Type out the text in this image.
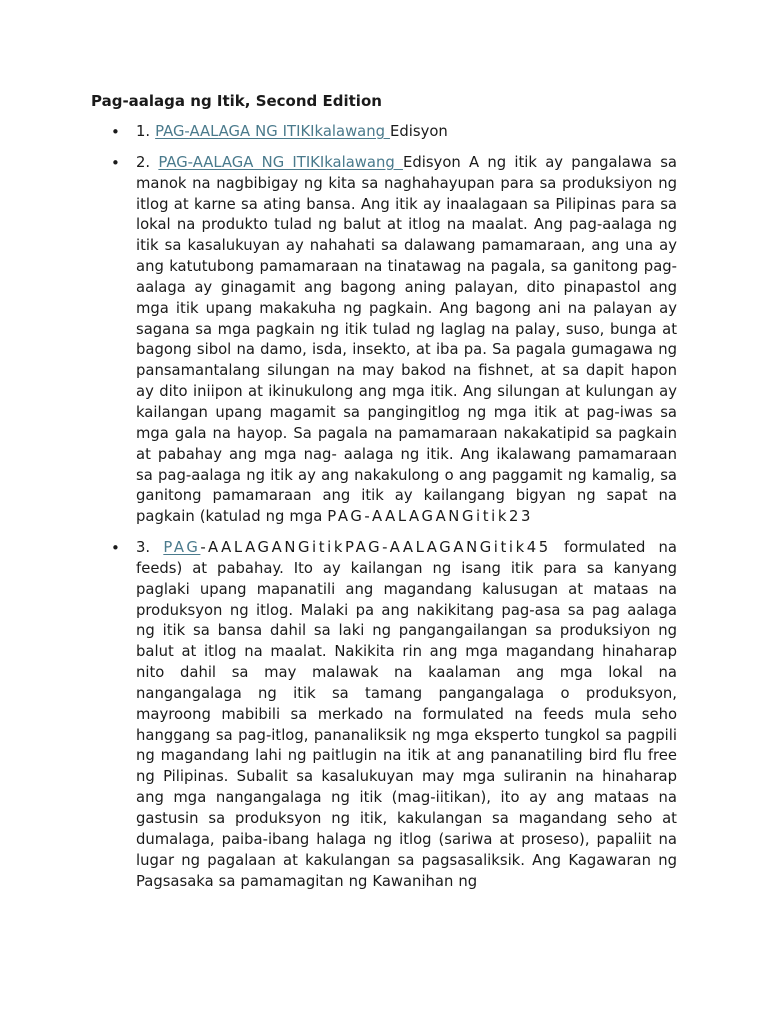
Pag-aalaga ng Itik, Second Edition
• 1. PAG-AALAGA NG ITIKIkalawang Edisyon
• 2. PAG-AALAGA NG ITIKIkalawang Edisyon A ng itik ay pangalawa sa manok na nagbibigay ng kita sa naghahayupan para sa produksiyon ng itlog at karne sa ating bansa. Ang itik ay inaalagaan sa Pilipinas para sa lokal na produkto tulad ng balut at itlog na maalat. Ang pag-aalaga ng itik sa kasalukuyan ay nahahati sa dalawang pamamaraan, ang una ay ang katutubong pamamaraan na tinatawag na pagala, sa ganitong pag-aalaga ay ginagamit ang bagong aning palayan, dito pinapastol ang mga itik upang makakuha ng pagkain. Ang bagong ani na palayan ay sagana sa mga pagkain ng itik tulad ng laglag na palay, suso, bunga at bagong sibol na damo, isda, insekto, at iba pa. Sa pagala gumagawa ng pansamantalang silungan na may bakod na fishnet, at sa dapit hapon ay dito iniipon at ikinukulong ang mga itik. Ang silungan at kulungan ay kailangan upang magamit sa pangingitlog ng mga itik at pag-iwas sa mga gala na hayop. Sa pagala na pamamaraan nakakatipid sa pagkain at pabahay ang mga nag- aalaga ng itik. Ang ikalawang pamamaraan sa pag-aalaga ng itik ay ang nakakulong o ang paggamit ng kamalig, sa ganitong pamamaraan ang itik ay kailangang bigyan ng sapat na pagkain (katulad ng mga PAG-AALAGANGitik23
• 3. PAG-AALAGANGitikPAG-AALAGANGitik45 formulated na feeds) at pabahay. Ito ay kailangan ng isang itik para sa kanyang paglaki upang mapanatili ang magandang kalusugan at mataas na produksyon ng itlog. Malaki pa ang nakikitang pag-asa sa pag aalaga ng itik sa bansa dahil sa laki ng pangangailangan sa produksiyon ng balut at itlog na maalat. Nakikita rin ang mga magandang hinaharap nito dahil sa may malawak na kaalaman ang mga lokal na nangangalaga ng itik sa tamang pangangalaga o produksyon, mayroong mabibili sa merkado na formulated na feeds mula seho hanggang sa pag-itlog, pananaliksik ng mga eksperto tungkol sa pagpili ng magandang lahi ng paitlugin na itik at ang pananatiling bird flu free ng Pilipinas. Subalit sa kasalukuyan may mga suliranin na hinaharap ang mga nangangalaga ng itik (mag-iitikan), ito ay ang mataas na gastusin sa produksyon ng itik, kakulangan sa magandang seho at dumalaga, paiba-ibang halaga ng itlog (sariwa at proseso), papaliit na lugar ng pagalaan at kakulangan sa pagsasaliksik. Ang Kagawaran ng Pagsasaka sa pamamagitan ng Kawanihan ng
